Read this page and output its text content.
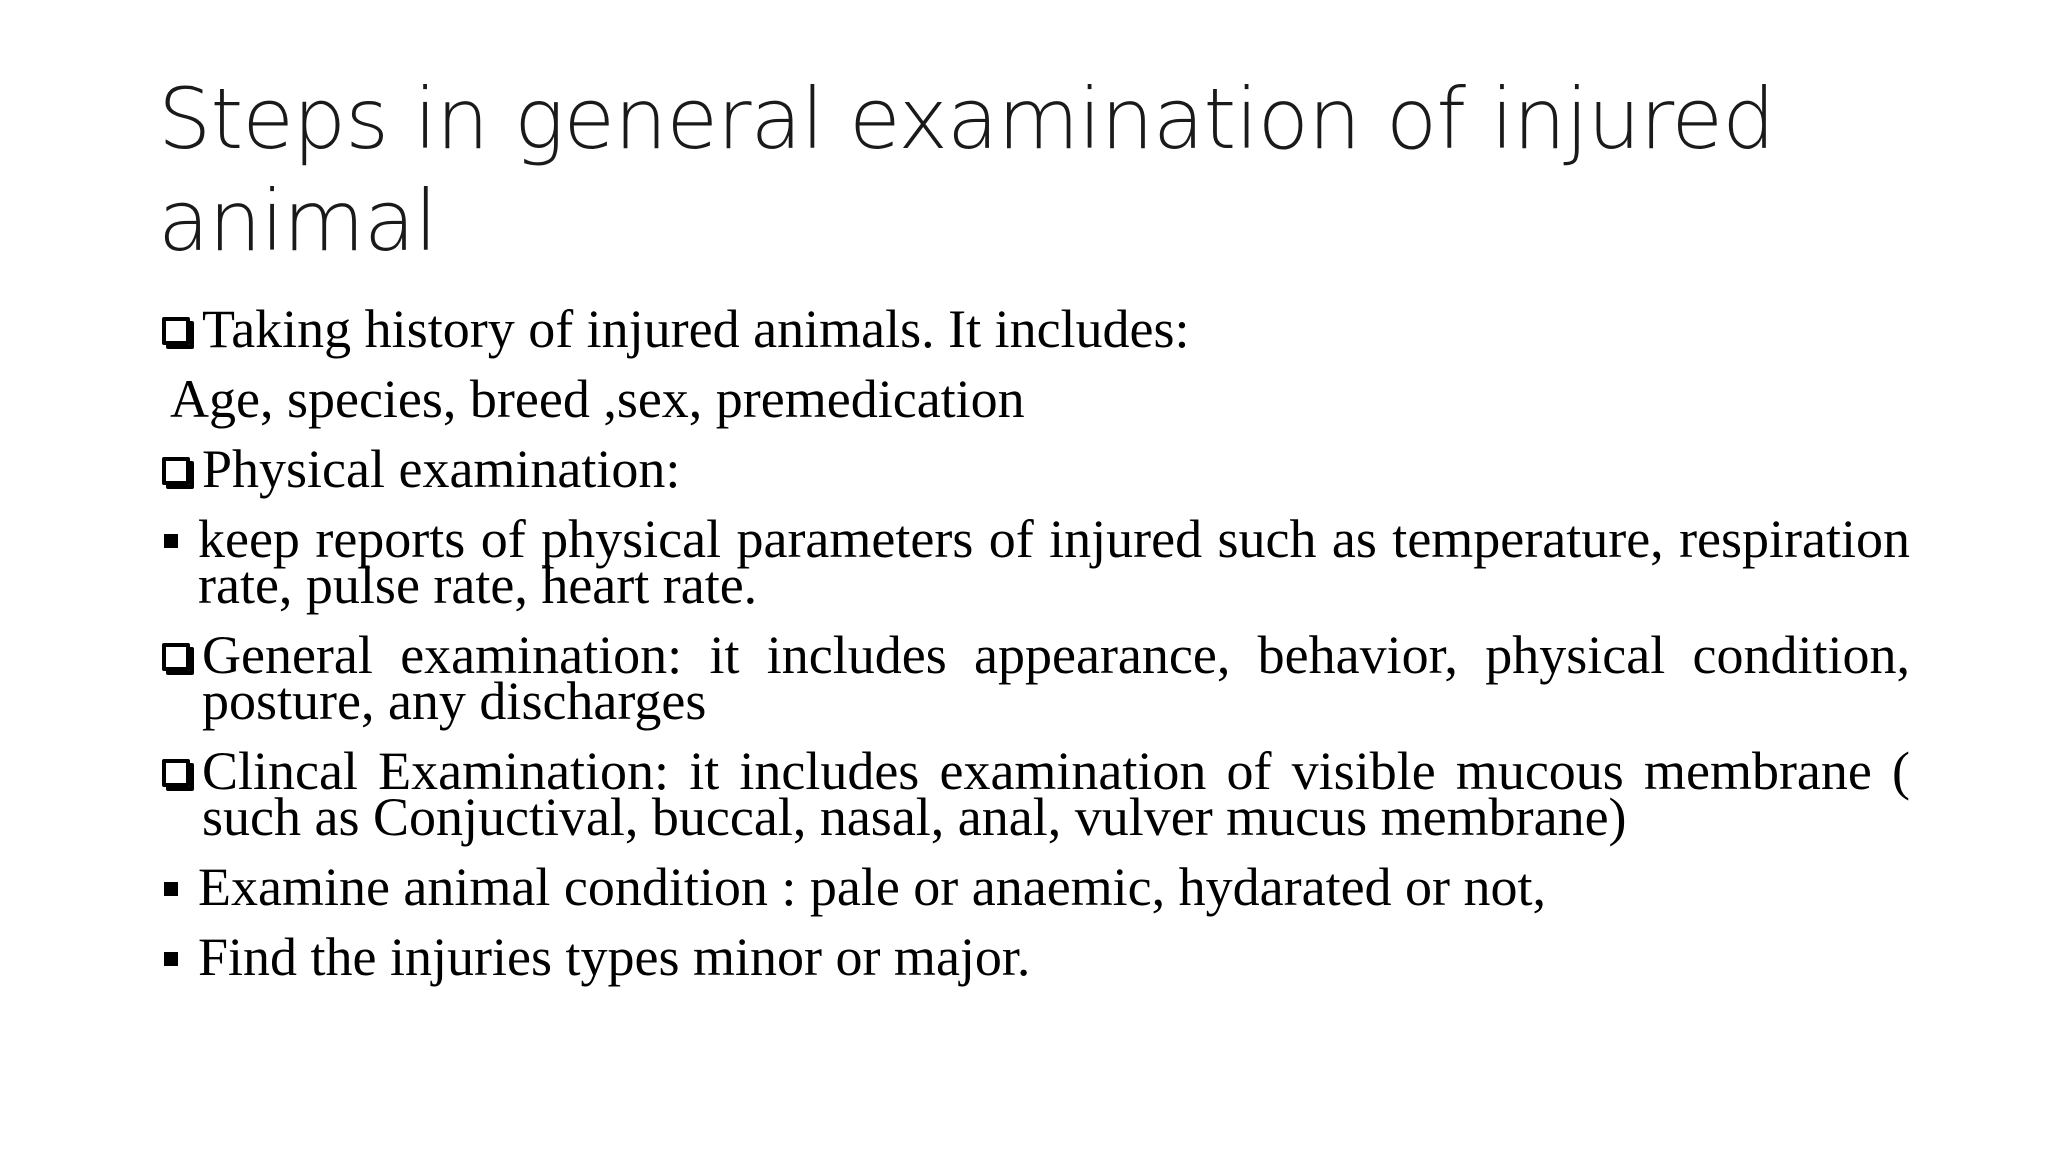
Steps in general examination of injured animal
Taking history of injured animals. It includes:
Age, species, breed ,sex, premedication
Physical examination:
keep reports of physical parameters of injured such as temperature, respiration rate, pulse rate, heart rate.
General examination: it includes appearance, behavior, physical condition, posture, any discharges
Clincal Examination: it includes examination of visible mucous membrane ( such as Conjuctival, buccal, nasal, anal, vulver mucus membrane)
Examine animal condition : pale or anaemic, hydarated or not,
Find the injuries types minor or major.
